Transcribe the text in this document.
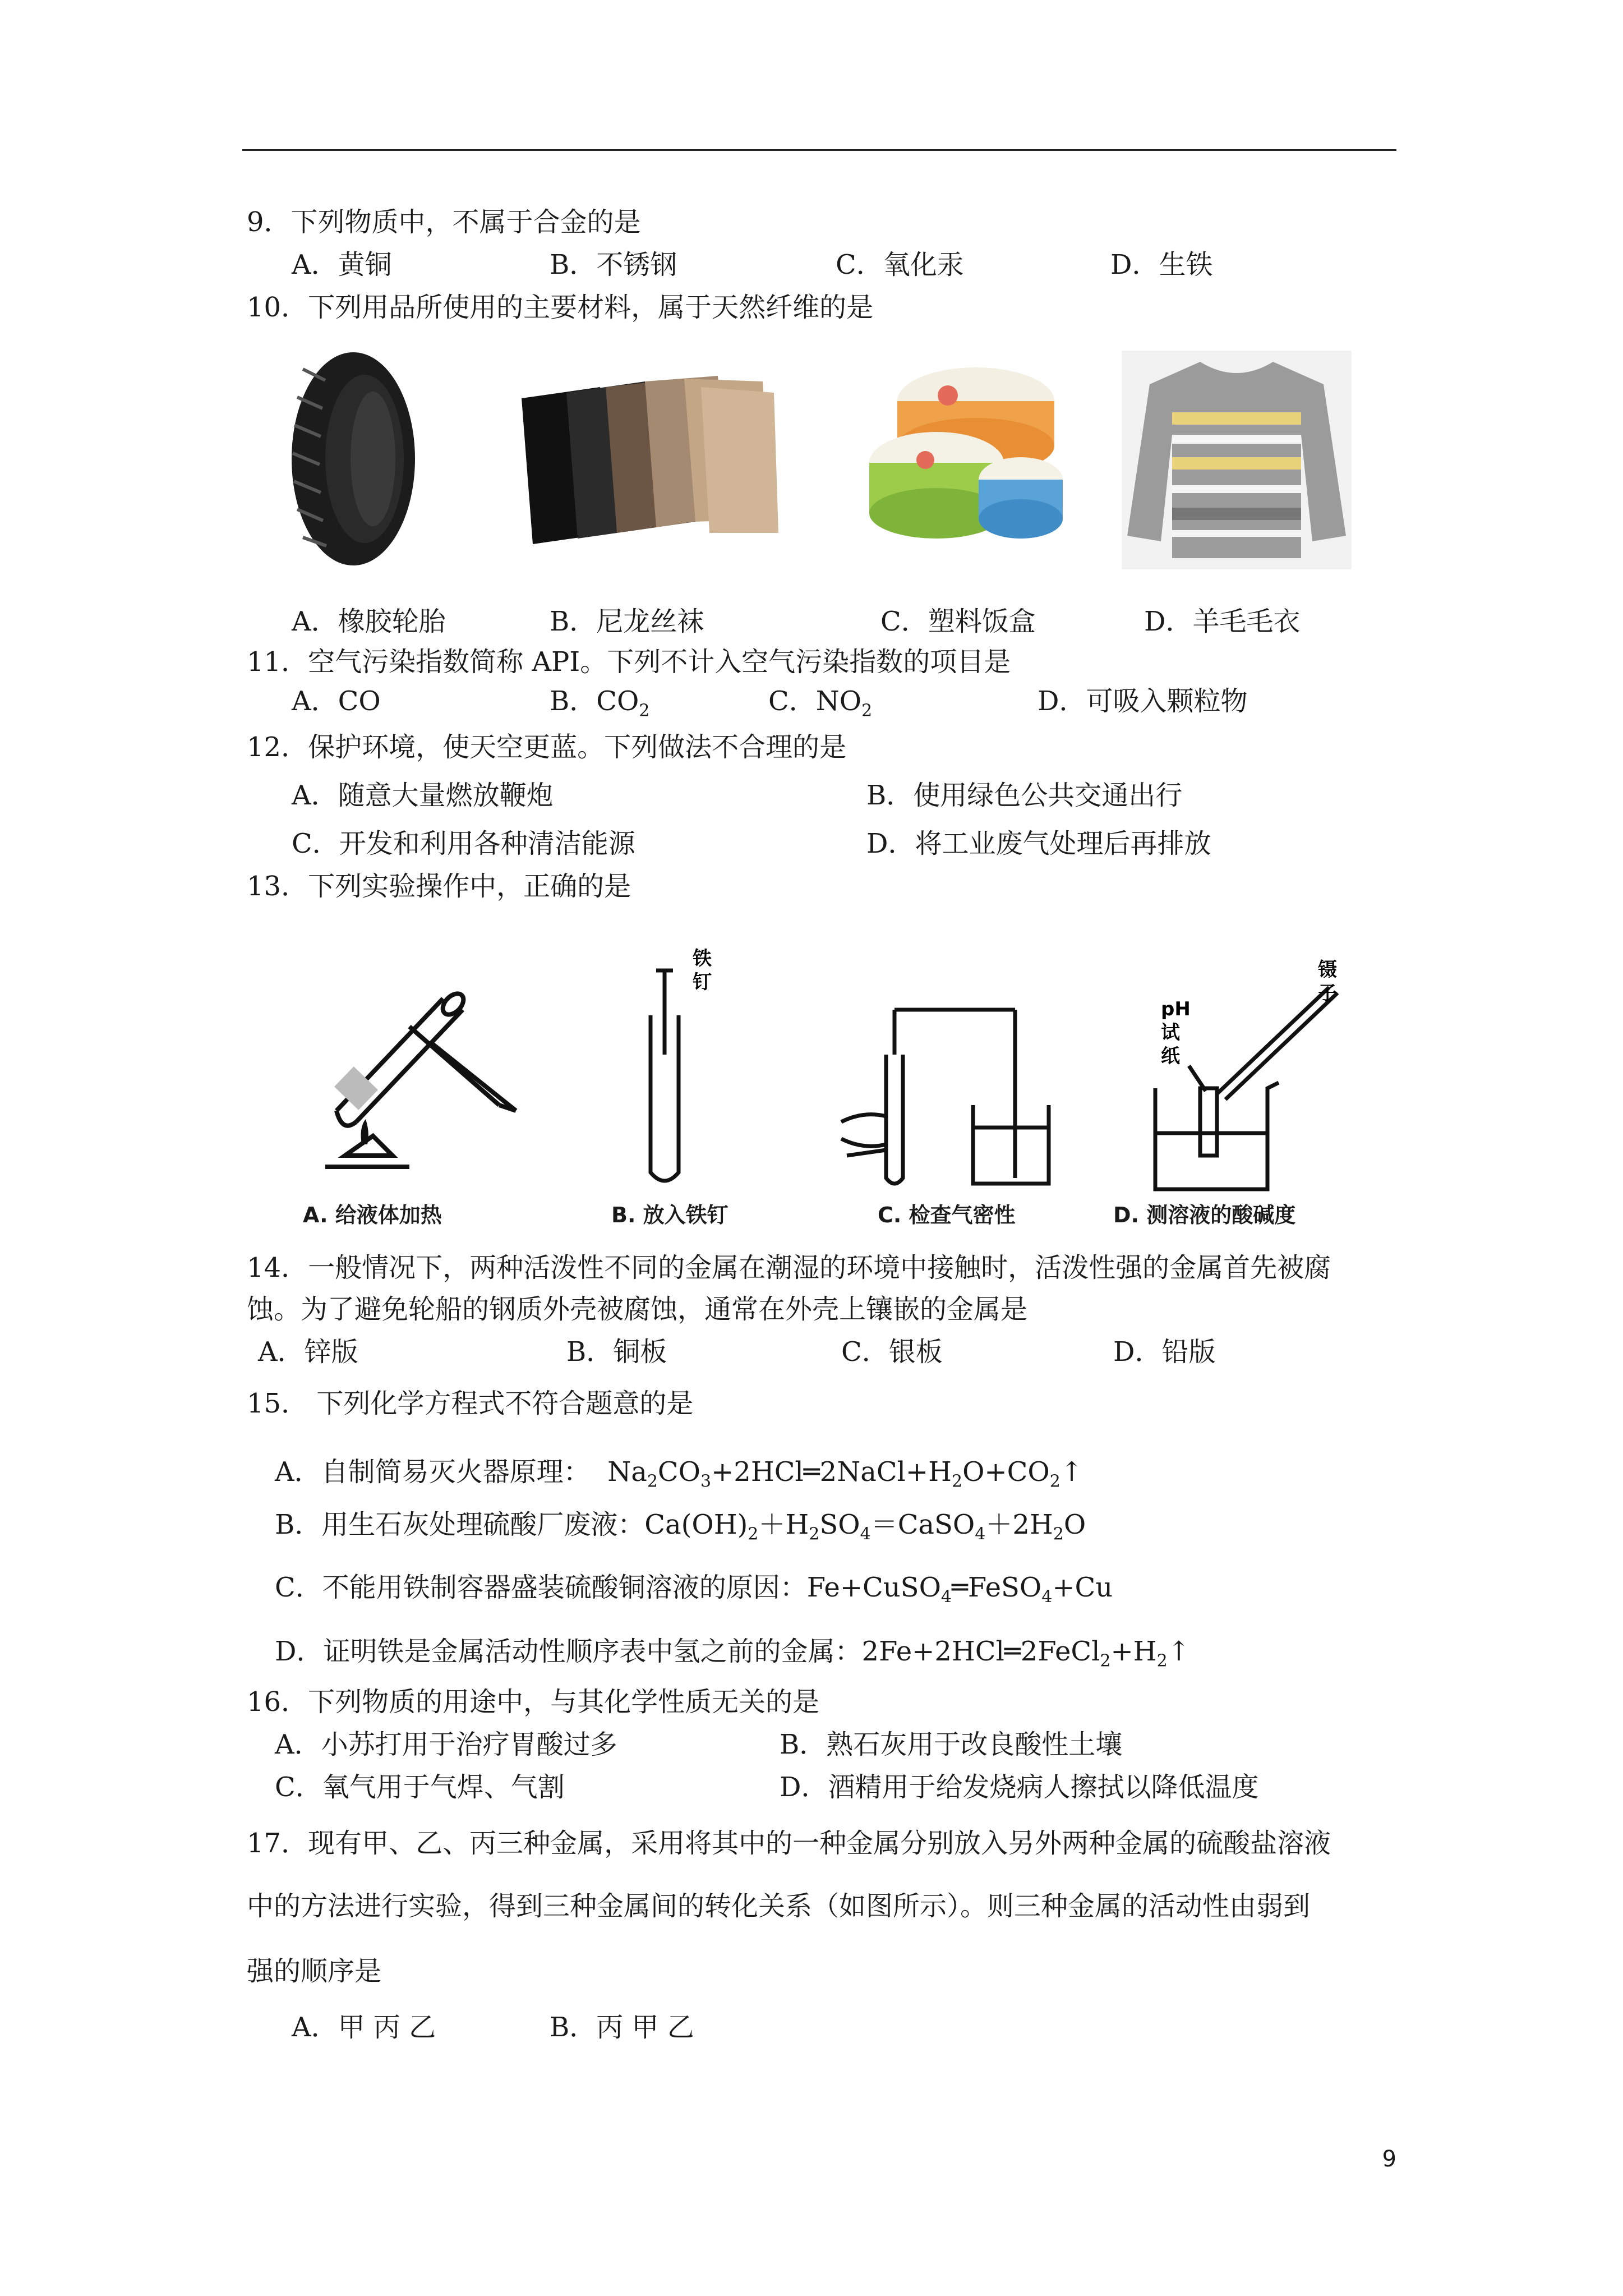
9．下列物质中，不属于合金的是
A．黄铜	B．不锈钢	C．氧化汞	D．生铁
10．下列用品所使用的主要材料，属于天然纤维的是
A．橡胶轮胎	B．尼龙丝袜	C．塑料饭盒	D．羊毛毛衣
11．空气污染指数简称 API。下列不计入空气污染指数的项目是
A．CO	B．$CO_2$	C．$NO_2$	D．可吸入颗粒物
12．保护环境，使天空更蓝。下列做法不合理的是
A．随意大量燃放鞭炮	B．使用绿色公共交通出行
C．开发和利用各种清洁能源	D．将工业废气处理后再排放
13．下列实验操作中，正确的是
A. 给液体加热
铁
钉
B. 放入铁钉	C. 检查气密性
镊
子
pH
试
纸
D. 测溶液的酸碱度
14．一般情况下，两种活泼性不同的金属在潮湿的环境中接触时，活泼性强的金属首先被腐
蚀。为了避免轮船的钢质外壳被腐蚀，通常在外壳上镶嵌的金属是
A．锌版	B．铜板	C．银板	D．铅版
15． 下列化学方程式不符合题意的是
A．自制简易灭火器原理：  $Na_2CO_3+2HCl═2NaCl+H_2O+CO_2↑$
B．用生石灰处理硫酸厂废液：$Ca(OH)_2+H_2SO_4=CaSO_4+2H_2O$
C．不能用铁制容器盛装硫酸铜溶液的原因：Fe+CuSO$_4$═FeSO$_4$+Cu
D．证明铁是金属活动性顺序表中氢之前的金属：$2Fe+2HCl═2FeCl_2+H_2↑$
16．下列物质的用途中，与其化学性质无关的是
A．小苏打用于治疗胃酸过多	B．熟石灰用于改良酸性土壤
C．氧气用于气焊、气割	D．酒精用于给发烧病人擦拭以降低温度
17．现有甲、乙、丙三种金属，采用将其中的一种金属分别放入另外两种金属的硫酸盐溶液
中的方法进行实验，得到三种金属间的转化关系（如图所示）。则三种金属的活动性由弱到
强的顺序是
A．甲 丙 乙	B．丙 甲 乙
9
